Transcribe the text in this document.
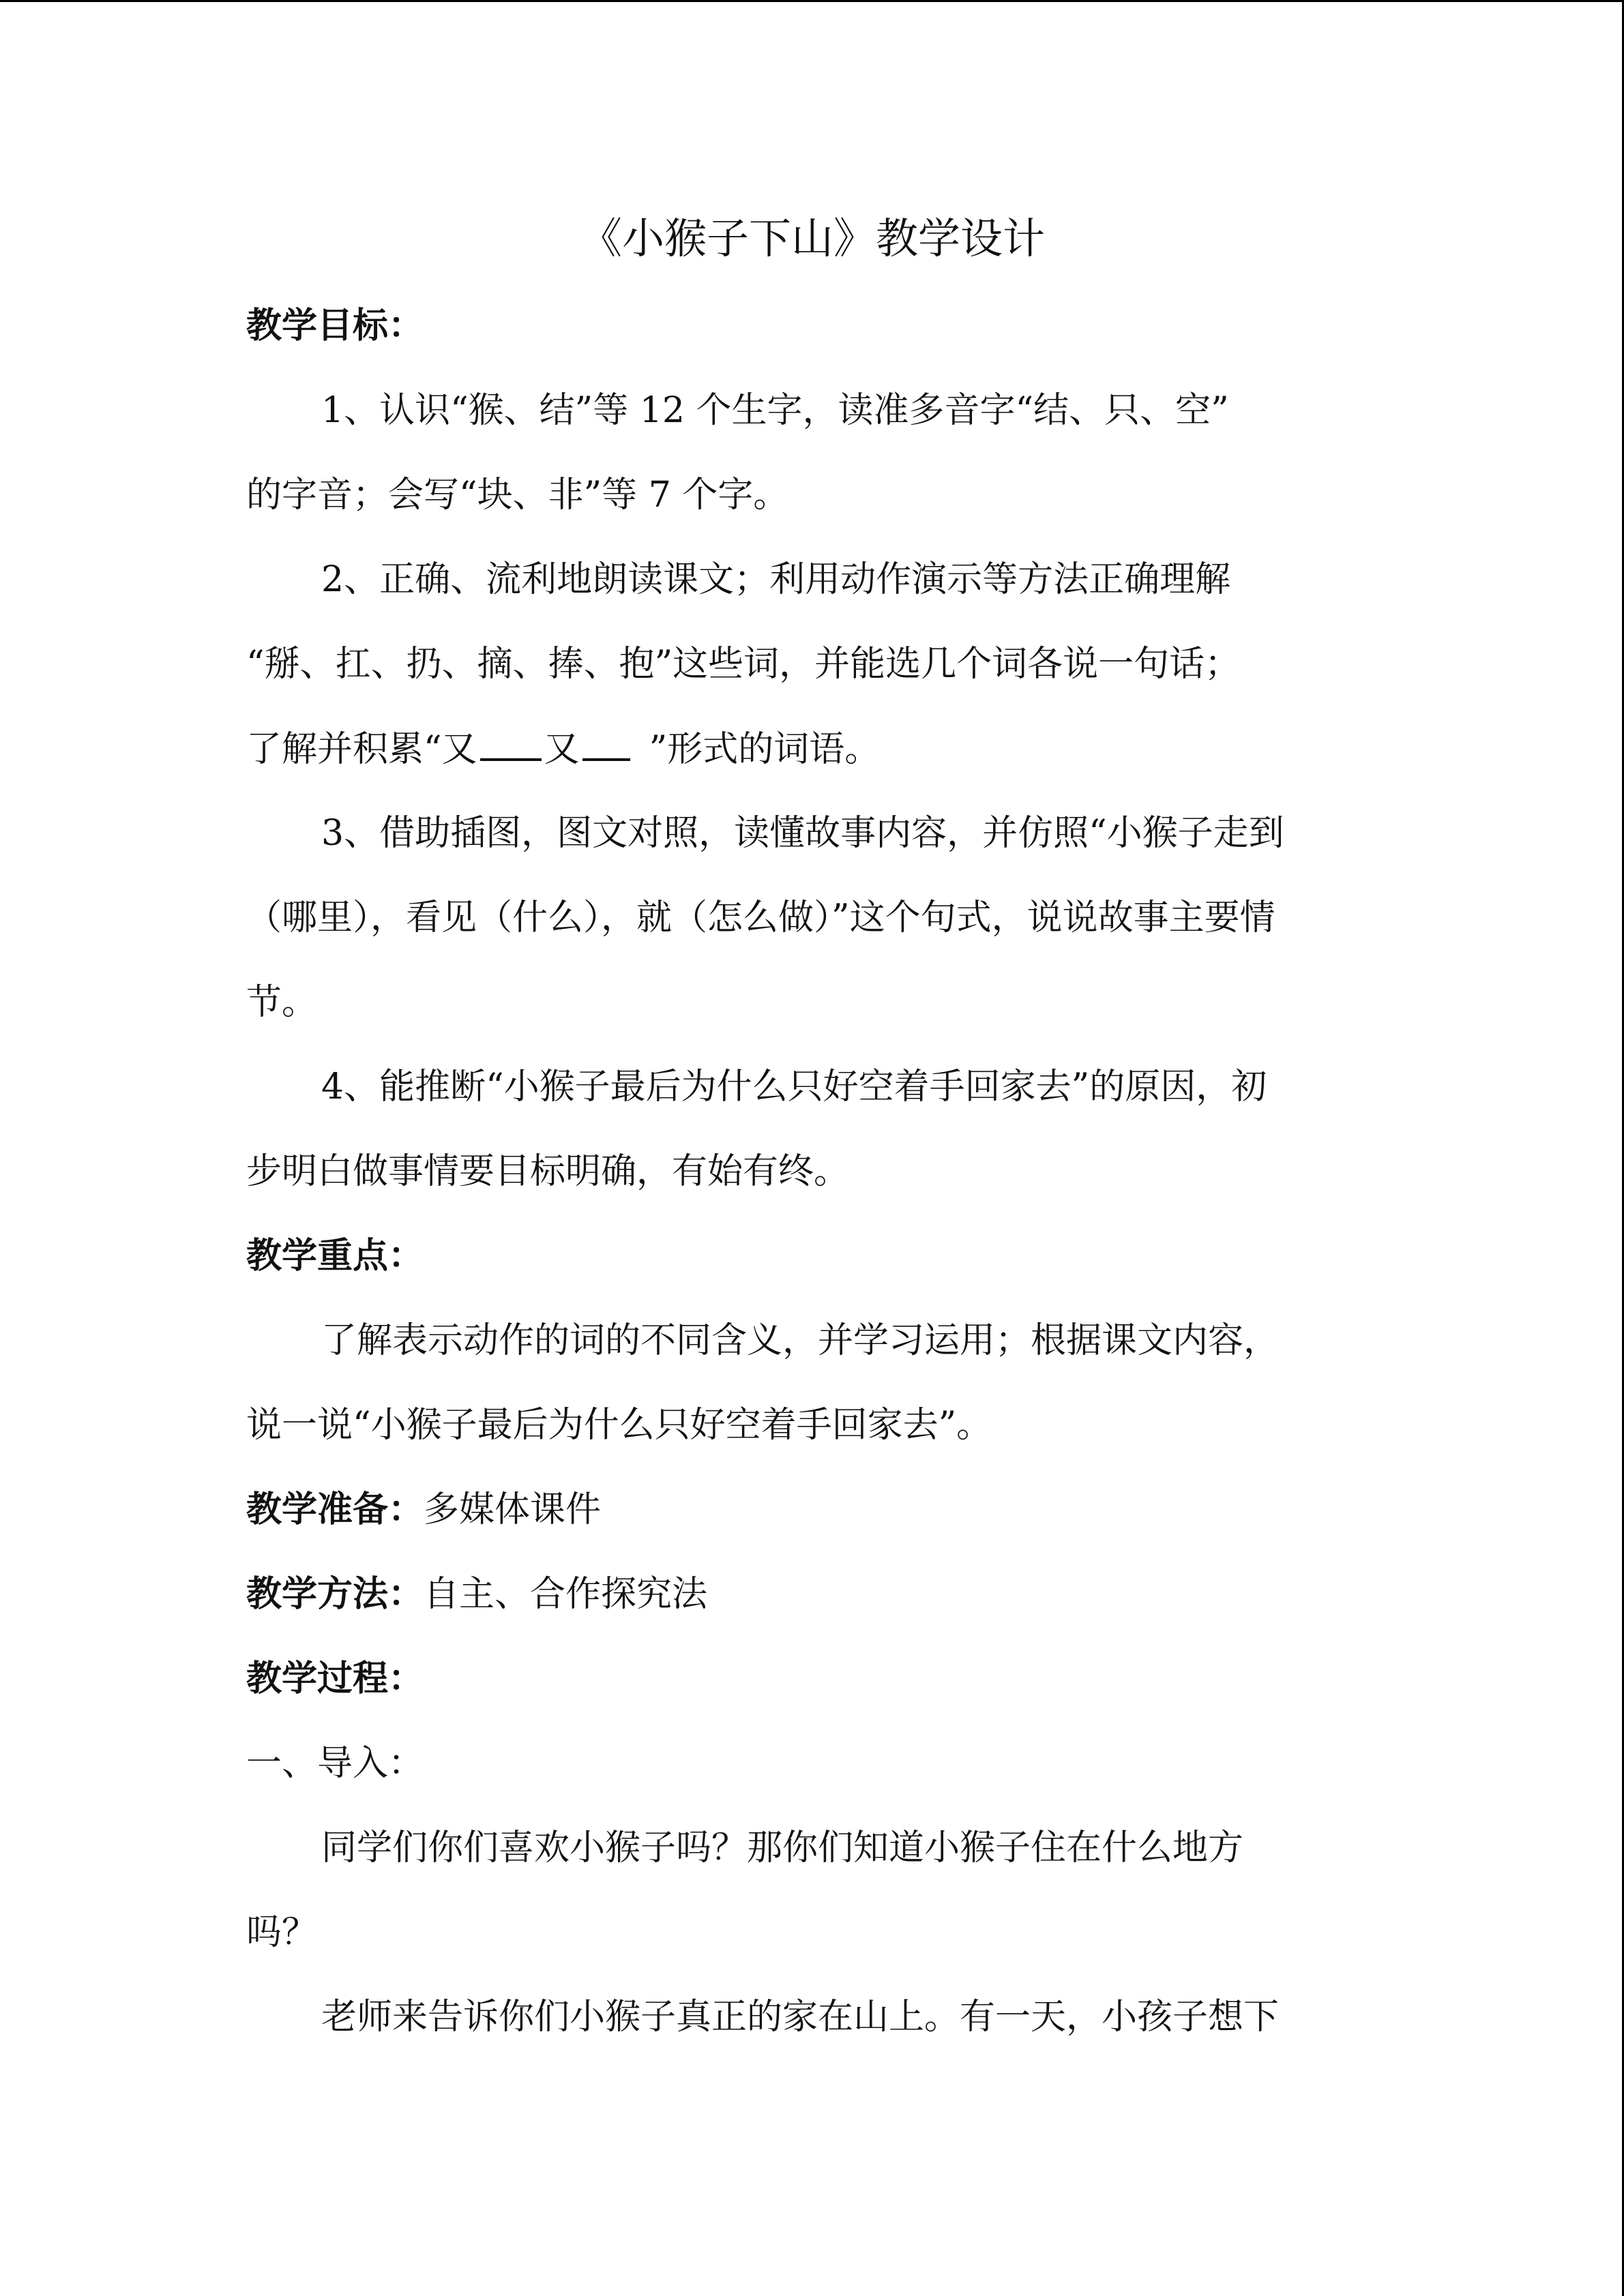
《小猴子下山》教学设计
教学目标：
1、认识“猴、结”等 12 个生字，读准多音字“结、只、空”
的字音；会写“块、非”等 7 个字。
2、正确、流利地朗读课文；利用动作演示等方法正确理解
“掰、扛、扔、摘、捧、抱”这些词，并能选几个词各说一句话；
了解并积累“又 又 ”形式的词语。
3、借助插图，图文对照，读懂故事内容，并仿照“小猴子走到
（哪里），看见（什么），就（怎么做）”这个句式，说说故事主要情
节。
4、能推断“小猴子最后为什么只好空着手回家去”的原因，初
步明白做事情要目标明确，有始有终。
教学重点：
了解表示动作的词的不同含义，并学习运用；根据课文内容，
说一说“小猴子最后为什么只好空着手回家去”。
教学准备：多媒体课件
教学方法：自主、合作探究法
教学过程：
一、导入：
同学们你们喜欢小猴子吗？那你们知道小猴子住在什么地方
吗？
老师来告诉你们小猴子真正的家在山上。有一天，小孩子想下
